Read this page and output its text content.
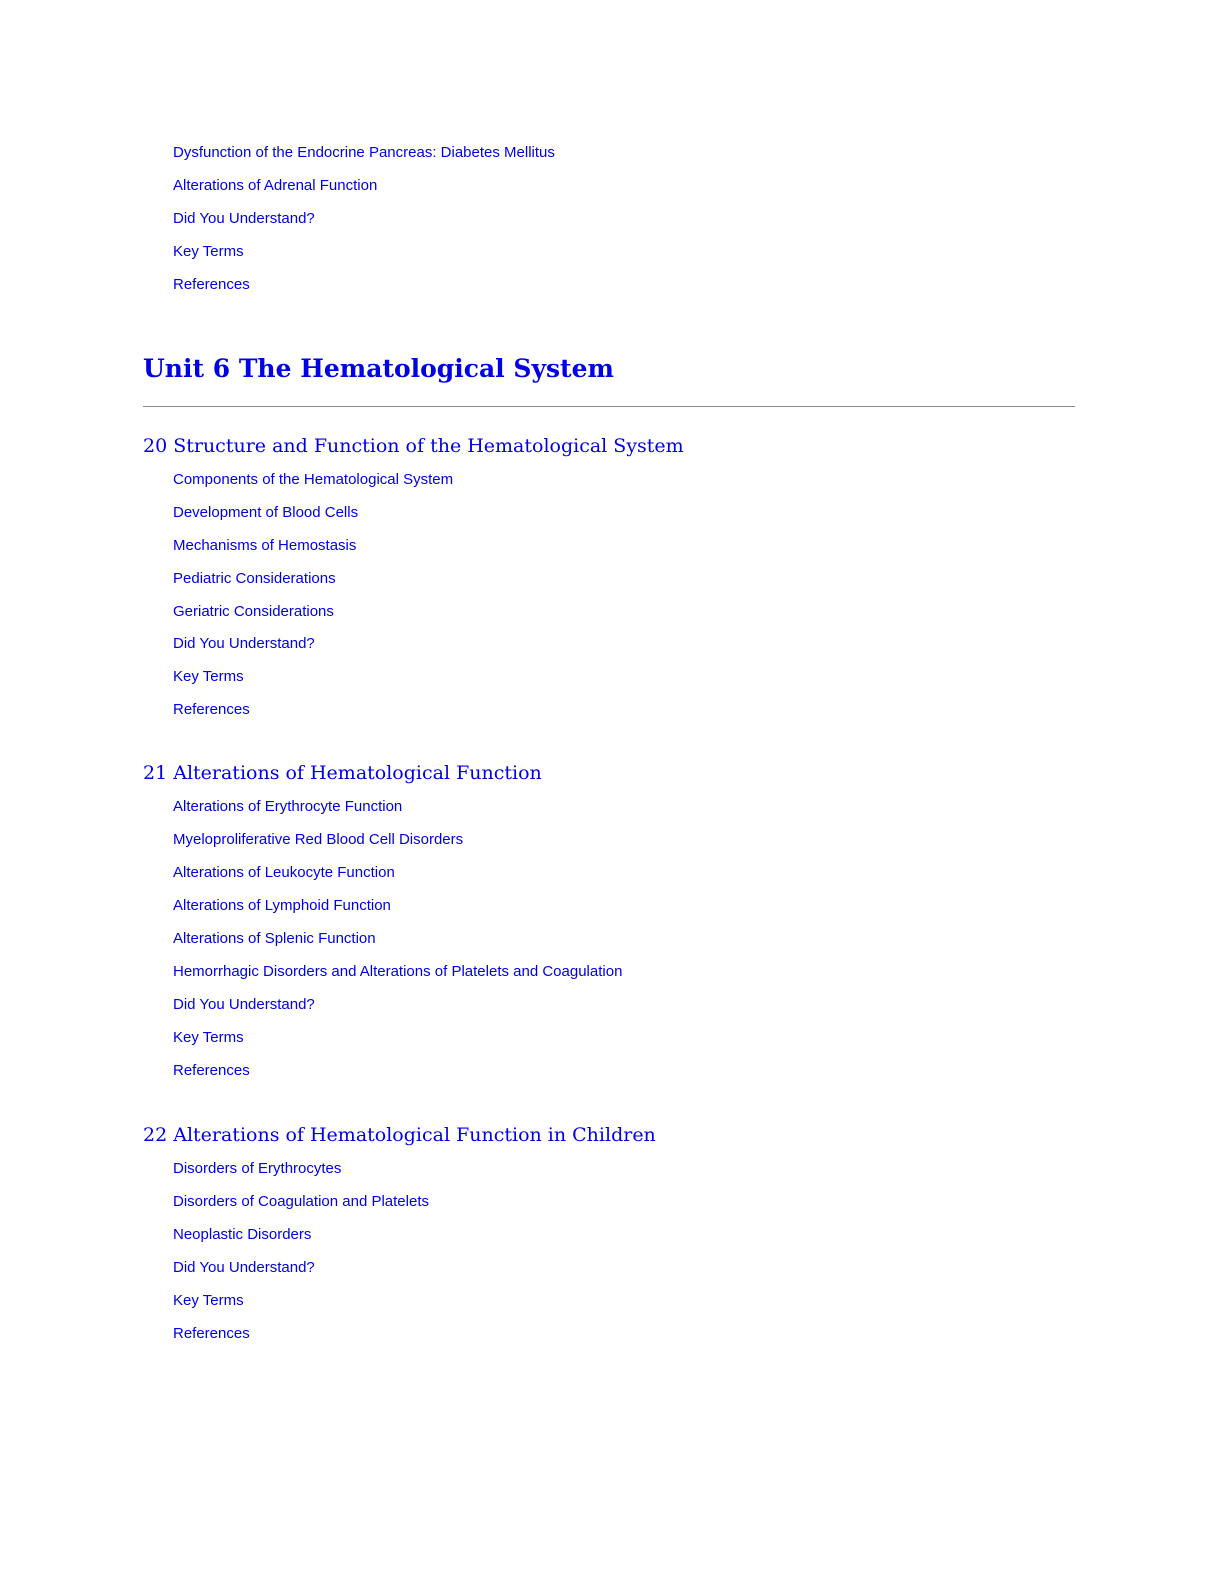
Dysfunction of the Endocrine Pancreas: Diabetes Mellitus
Alterations of Adrenal Function
Did You Understand?
Key Terms
References
Unit 6 The Hematological System
20 Structure and Function of the Hematological System
Components of the Hematological System
Development of Blood Cells
Mechanisms of Hemostasis
Pediatric Considerations
Geriatric Considerations
Did You Understand?
Key Terms
References
21 Alterations of Hematological Function
Alterations of Erythrocyte Function
Myeloproliferative Red Blood Cell Disorders
Alterations of Leukocyte Function
Alterations of Lymphoid Function
Alterations of Splenic Function
Hemorrhagic Disorders and Alterations of Platelets and Coagulation
Did You Understand?
Key Terms
References
22 Alterations of Hematological Function in Children
Disorders of Erythrocytes
Disorders of Coagulation and Platelets
Neoplastic Disorders
Did You Understand?
Key Terms
References
